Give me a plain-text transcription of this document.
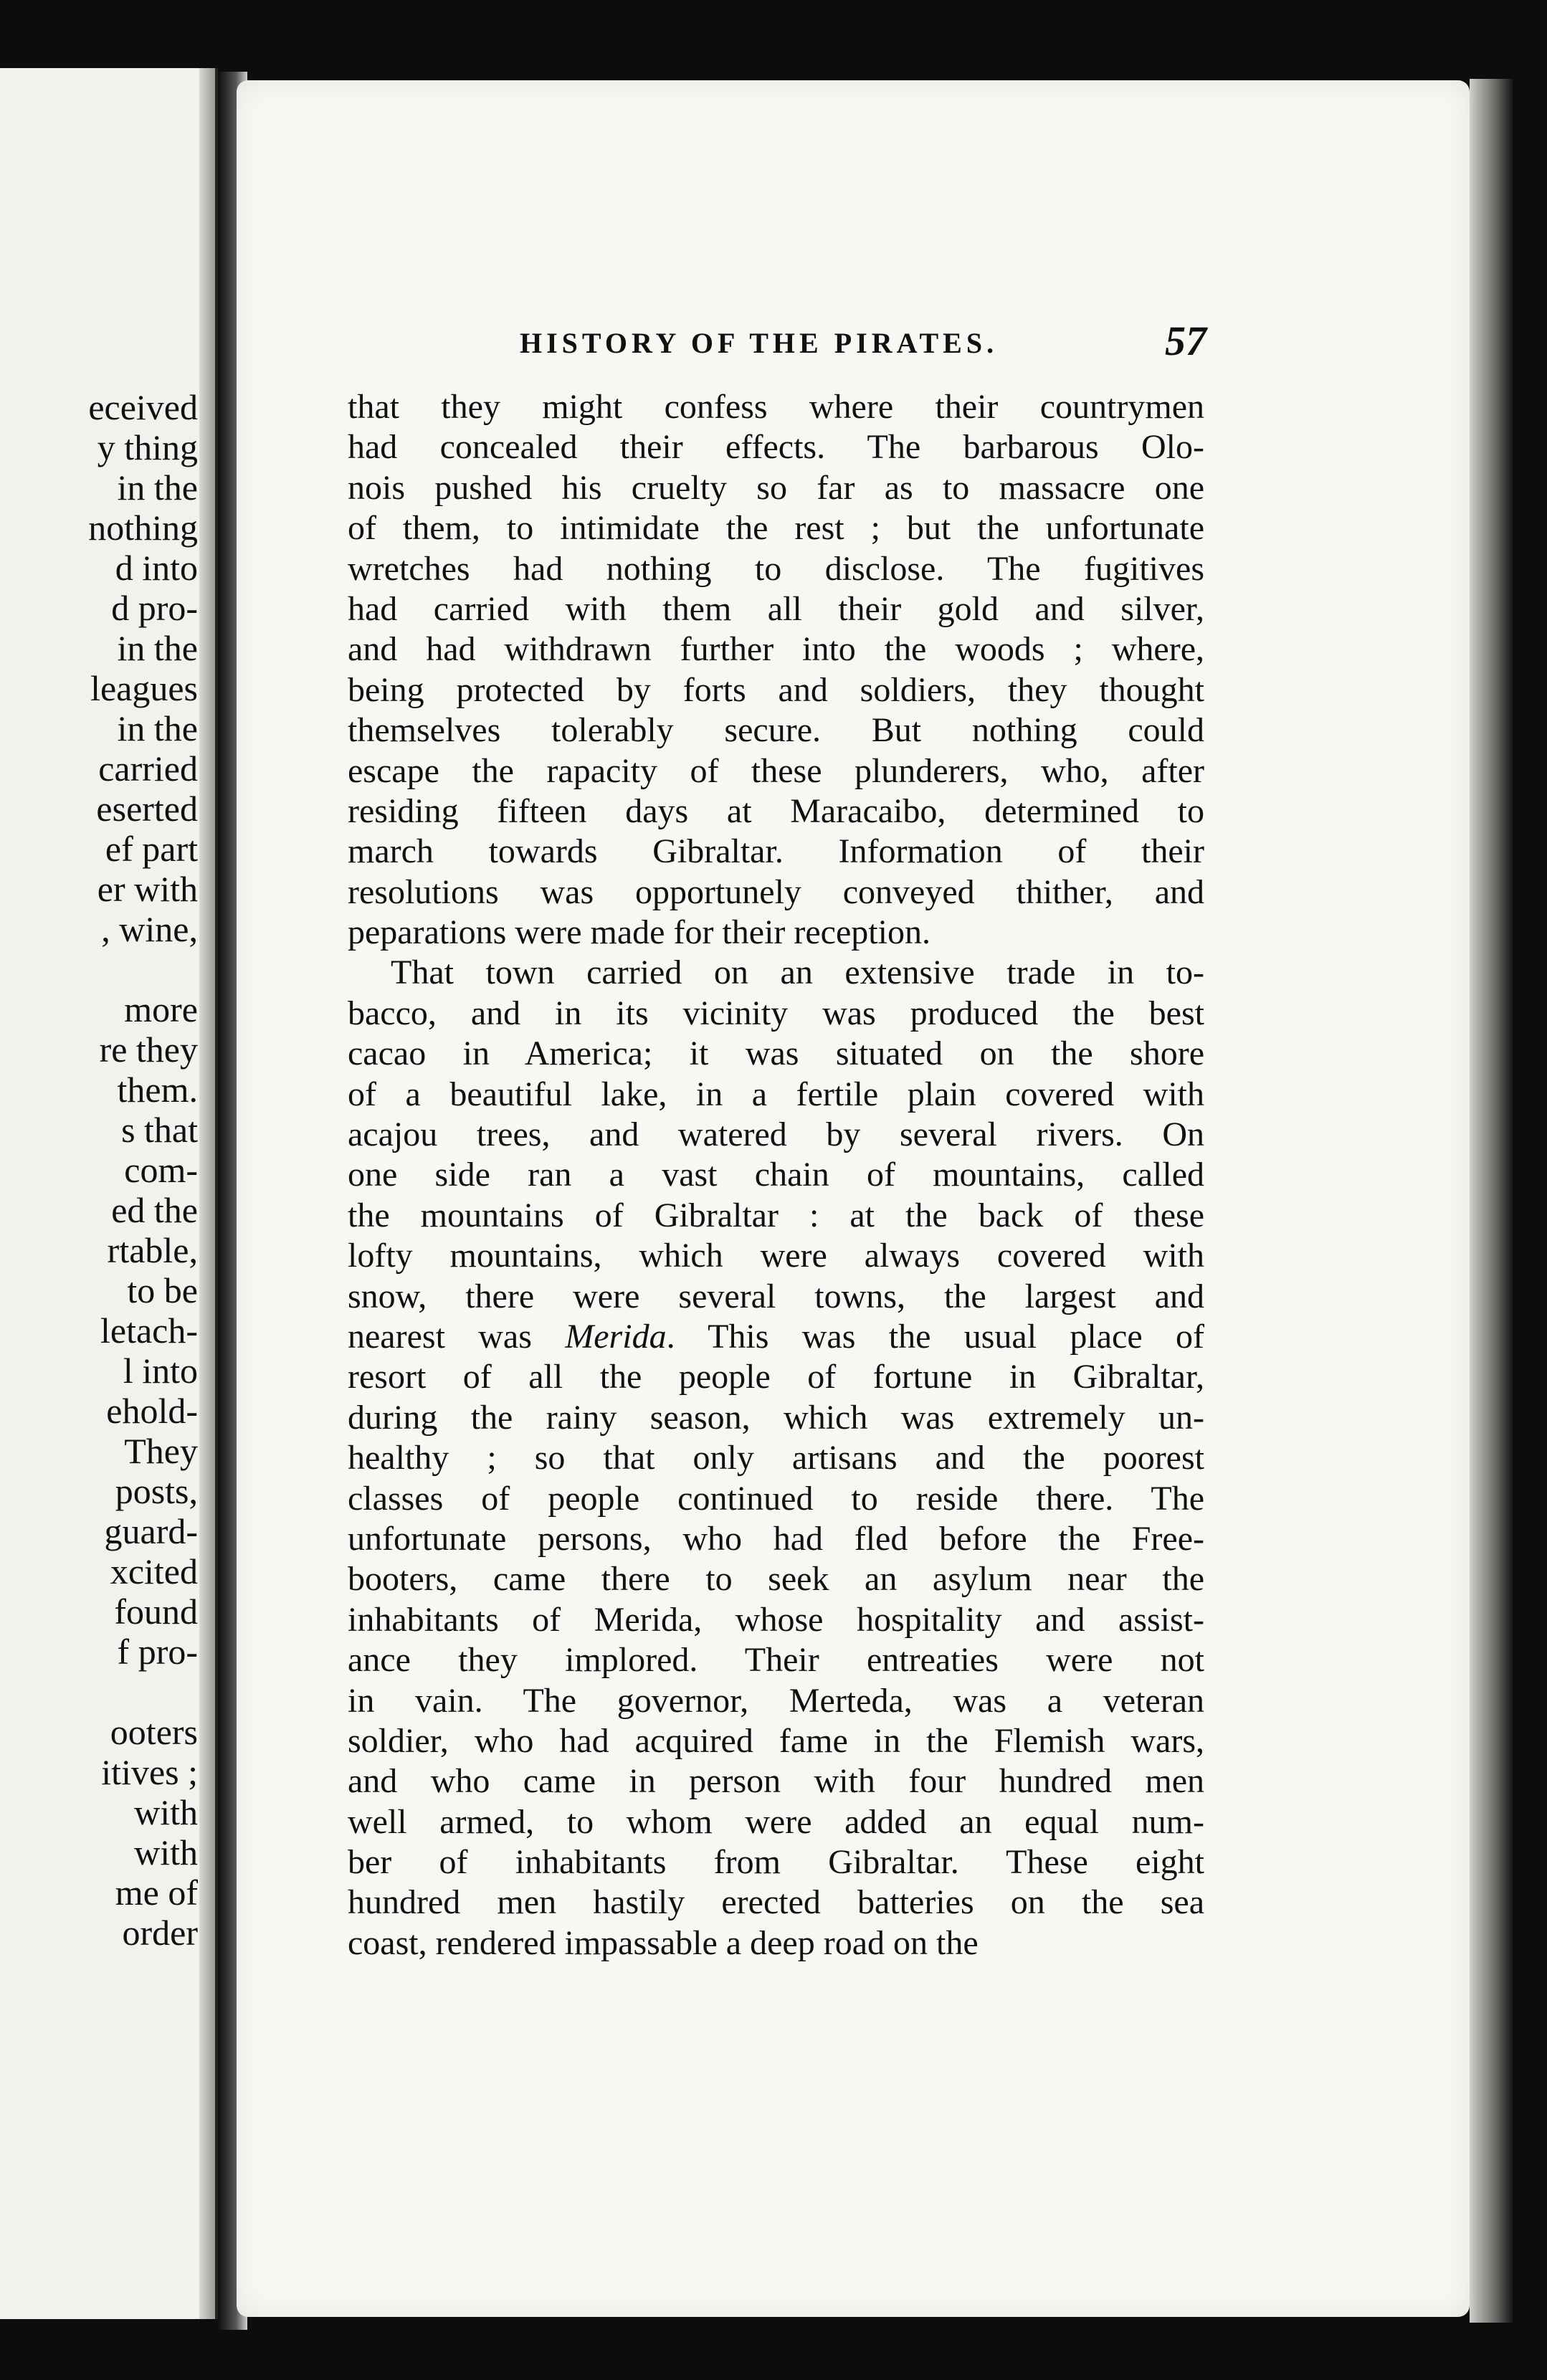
eceived
y thing
in the
nothing
d into
d pro-
in the
leagues
in the
carried
eserted
ef part
er with
, wine,
more
re they
them.
s that
com-
ed the
rtable,
to be
letach-
l into
ehold-
They
posts,
guard-
xcited
found
f pro-
ooters
itives ;
with
with
me of
order
HISTORY OF THE PIRATES.	57
that they might confess where their countrymen
had concealed their effects. The barbarous Olo-
nois pushed his cruelty so far as to massacre one
of them, to intimidate the rest ; but the unfortunate
wretches had nothing to disclose. The fugitives
had carried with them all their gold and silver,
and had withdrawn further into the woods ; where,
being protected by forts and soldiers, they thought
themselves tolerably secure. But nothing could
escape the rapacity of these plunderers, who, after
residing fifteen days at Maracaibo, determined to
march towards Gibraltar. Information of their
resolutions was opportunely conveyed thither, and
peparations were made for their reception.
That town carried on an extensive trade in to-
bacco, and in its vicinity was produced the best
cacao in America; it was situated on the shore
of a beautiful lake, in a fertile plain covered with
acajou trees, and watered by several rivers. On
one side ran a vast chain of mountains, called
the mountains of Gibraltar : at the back of these
lofty mountains, which were always covered with
snow, there were several towns, the largest and
nearest was Merida. This was the usual place of
resort of all the people of fortune in Gibraltar,
during the rainy season, which was extremely un-
healthy ; so that only artisans and the poorest
classes of people continued to reside there. The
unfortunate persons, who had fled before the Free-
booters, came there to seek an asylum near the
inhabitants of Merida, whose hospitality and assist-
ance they implored. Their entreaties were not
in vain. The governor, Merteda, was a veteran
soldier, who had acquired fame in the Flemish wars,
and who came in person with four hundred men
well armed, to whom were added an equal num-
ber of inhabitants from Gibraltar. These eight
hundred men hastily erected batteries on the sea
coast, rendered impassable a deep road on the
